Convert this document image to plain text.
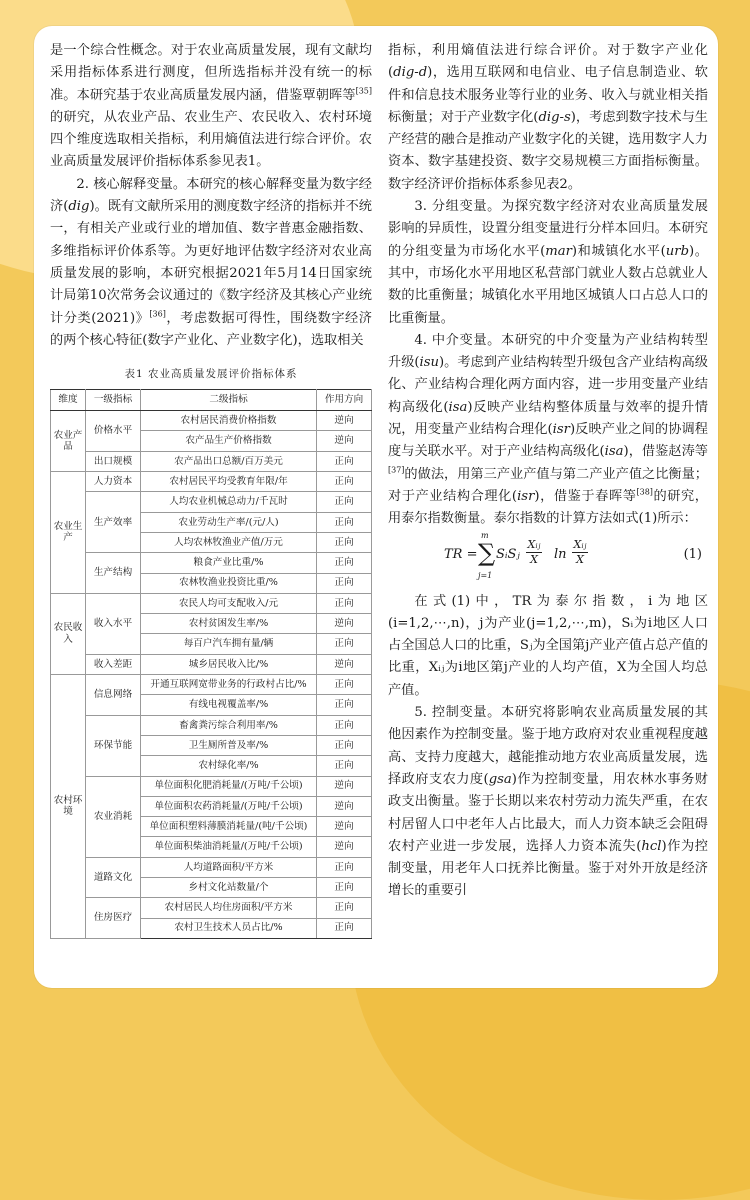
是一个综合性概念。对于农业高质量发展，现有文献均采用指标体系进行测度，但所选指标并没有统一的标准。本研究基于农业高质量发展内涵，借鉴覃朝晖等[35]的研究，从农业产品、农业生产、农民收入、农村环境四个维度选取相关指标，利用熵值法进行综合评价。农业高质量发展评价指标体系参见表1。

2. 核心解释变量。本研究的核心解释变量为数字经济(dig)。既有文献所采用的测度数字经济的指标并不统一，有相关产业或行业的增加值、数字普惠金融指数、多维指标评价体系等。为更好地评估数字经济对农业高质量发展的影响，本研究根据2021年5月14日国家统计局第10次常务会议通过的《数字经济及其核心产业统计分类(2021)》[36]，考虑数据可得性，围绕数字经济的两个核心特征(数字产业化、产业数字化)，选取相关

表1 农业高质量发展评价指标体系
维度	一级指标	二级指标	作用方向
农业产品	价格水平	农村居民消费价格指数	逆向
		农产品生产价格指数	逆向
	出口规模	农产品出口总额/百万美元	正向
农业生产	人力资本	农村居民平均受教育年限/年	正向
	生产效率	人均农业机械总动力/千瓦时	正向
		农业劳动生产率/(元/人)	正向
		人均农林牧渔业产值/万元	正向
	生产结构	粮食产业比重/%	正向
		农林牧渔业投资比重/%	正向
农民收入	收入水平	农民人均可支配收入/元	正向
		农村贫困发生率/%	逆向
		每百户汽车拥有量/辆	正向
	收入差距	城乡居民收入比/%	逆向
农村环境	信息网络	开通互联网宽带业务的行政村占比/%	正向
		有线电视覆盖率/%	正向
	环保节能	畜禽粪污综合利用率/%	正向
		卫生厕所普及率/%	正向
		农村绿化率/%	正向
	农业消耗	单位面积化肥消耗量/(万吨/千公顷)	逆向
		单位面积农药消耗量/(万吨/千公顷)	逆向
		单位面积塑料薄膜消耗量/(吨/千公顷)	逆向
		单位面积柴油消耗量/(万吨/千公顷)	逆向
	道路文化	人均道路面积/平方米	正向
		乡村文化站数量/个	正向
	住房医疗	农村居民人均住房面积/平方米	正向
		农村卫生技术人员占比/%	正向

指标，利用熵值法进行综合评价。对于数字产业化(dig-d)，选用互联网和电信业、电子信息制造业、软件和信息技术服务业等行业的业务、收入与就业相关指标衡量；对于产业数字化(dig-s)，考虑到数字技术与生产经营的融合是推动产业数字化的关键，选用数字人力资本、数字基建投资、数字交易规模三方面指标衡量。数字经济评价指标体系参见表2。

3. 分组变量。为探究数字经济对农业高质量发展影响的异质性，设置分组变量进行分样本回归。本研究的分组变量为市场化水平(mar)和城镇化水平(urb)。其中，市场化水平用地区私营部门就业人数占总就业人数的比重衡量；城镇化水平用地区城镇人口占总人口的比重衡量。

4. 中介变量。本研究的中介变量为产业结构转型升级(isu)。考虑到产业结构转型升级包含产业结构高级化、产业结构合理化两方面内容，进一步用变量产业结构高级化(isa)反映产业结构整体质量与效率的提升情况，用变量产业结构合理化(isr)反映产业之间的协调程度与关联水平。对于产业结构高级化(isa)，借鉴赵涛等[37]的做法，用第三产业产值与第二产业产值之比衡量；对于产业结构合理化(isr)，借鉴于春晖等[38]的研究，用泰尔指数衡量。泰尔指数的计算方法如式(1)所示：

TR =
m
∑
j=1
SᵢSⱼ
Xᵢⱼ
X ln
Xᵢⱼ
X	(1)

在式(1)中，TR为泰尔指数，i为地区(i=1,2,⋯,n)，j为产业(j=1,2,⋯,m)，Sᵢ为i地区人口占全国总人口的比重，Sⱼ为全国第j产业产值占总产值的比重，Xᵢⱼ为i地区第j产业的人均产值，X为全国人均总产值。

5. 控制变量。本研究将影响农业高质量发展的其他因素作为控制变量。鉴于地方政府对农业重视程度越高、支持力度越大，越能推动地方农业高质量发展，选择政府支农力度(gsa)作为控制变量，用农林水事务财政支出衡量。鉴于长期以来农村劳动力流失严重，在农村居留人口中老年人占比最大，而人力资本缺乏会阻碍农村产业进一步发展，选择人力资本流失(hcl)作为控制变量，用老年人口抚养比衡量。鉴于对外开放是经济增长的重要引
